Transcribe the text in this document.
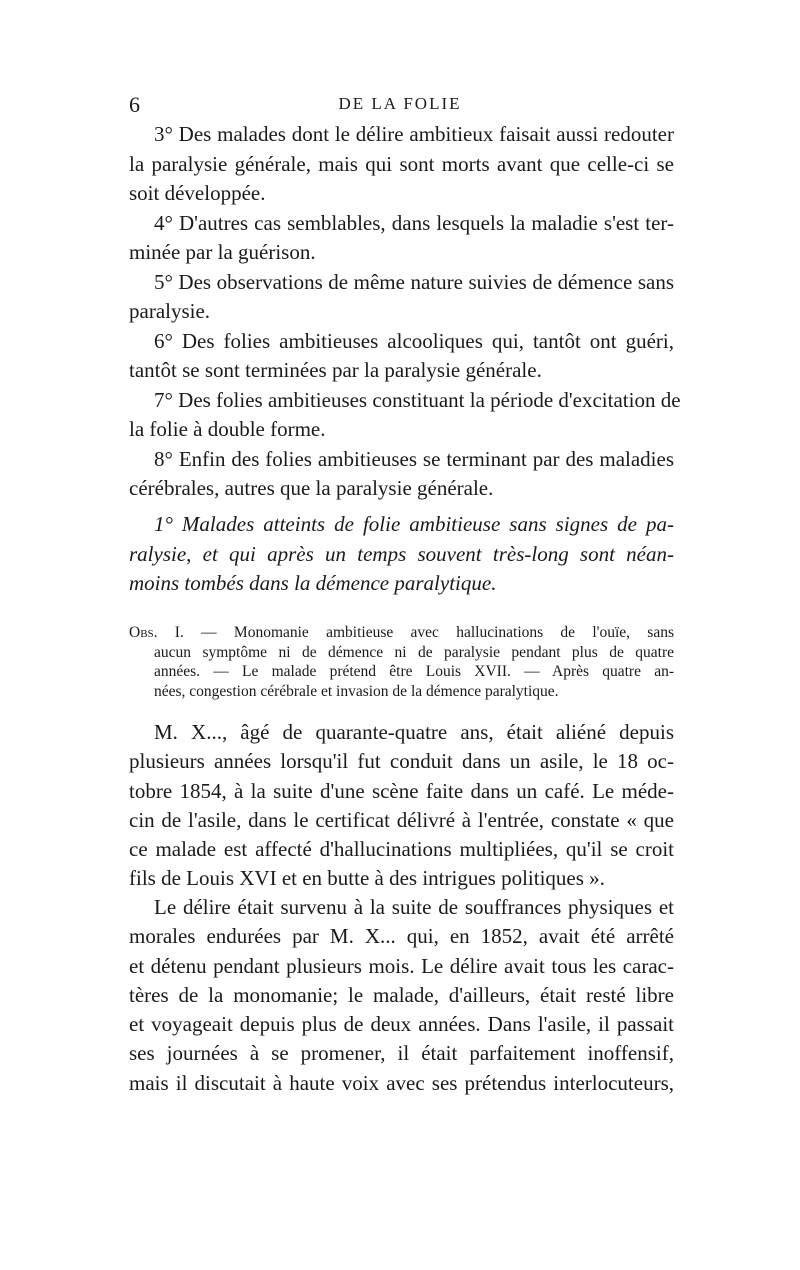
6	DE LA FOLIE
3° Des malades dont le délire ambitieux faisait aussi redouter
la paralysie générale, mais qui sont morts avant que celle-ci se
soit développée.
4° D'autres cas semblables, dans lesquels la maladie s'est ter-
minée par la guérison.
5° Des observations de même nature suivies de démence sans
paralysie.
6° Des folies ambitieuses alcooliques qui, tantôt ont guéri,
tantôt se sont terminées par la paralysie générale.
7° Des folies ambitieuses constituant la période d'excitation de
la folie à double forme.
8° Enfin des folies ambitieuses se terminant par des maladies
cérébrales, autres que la paralysie générale.
1° Malades atteints de folie ambitieuse sans signes de pa-
ralysie, et qui après un temps souvent très-long sont néan-
moins tombés dans la démence paralytique.
Obs. I. — Monomanie ambitieuse avec hallucinations de l'ouïe, sans
aucun symptôme ni de démence ni de paralysie pendant plus de quatre
années. — Le malade prétend être Louis XVII. — Après quatre an-
nées, congestion cérébrale et invasion de la démence paralytique.
M. X..., âgé de quarante-quatre ans, était aliéné depuis
plusieurs années lorsqu'il fut conduit dans un asile, le 18 oc-
tobre 1854, à la suite d'une scène faite dans un café. Le méde-
cin de l'asile, dans le certificat délivré à l'entrée, constate « que
ce malade est affecté d'hallucinations multipliées, qu'il se croit
fils de Louis XVI et en butte à des intrigues politiques ».
Le délire était survenu à la suite de souffrances physiques et
morales endurées par M. X... qui, en 1852, avait été arrêté
et détenu pendant plusieurs mois. Le délire avait tous les carac-
tères de la monomanie; le malade, d'ailleurs, était resté libre
et voyageait depuis plus de deux années. Dans l'asile, il passait
ses journées à se promener, il était parfaitement inoffensif,
mais il discutait à haute voix avec ses prétendus interlocuteurs,
